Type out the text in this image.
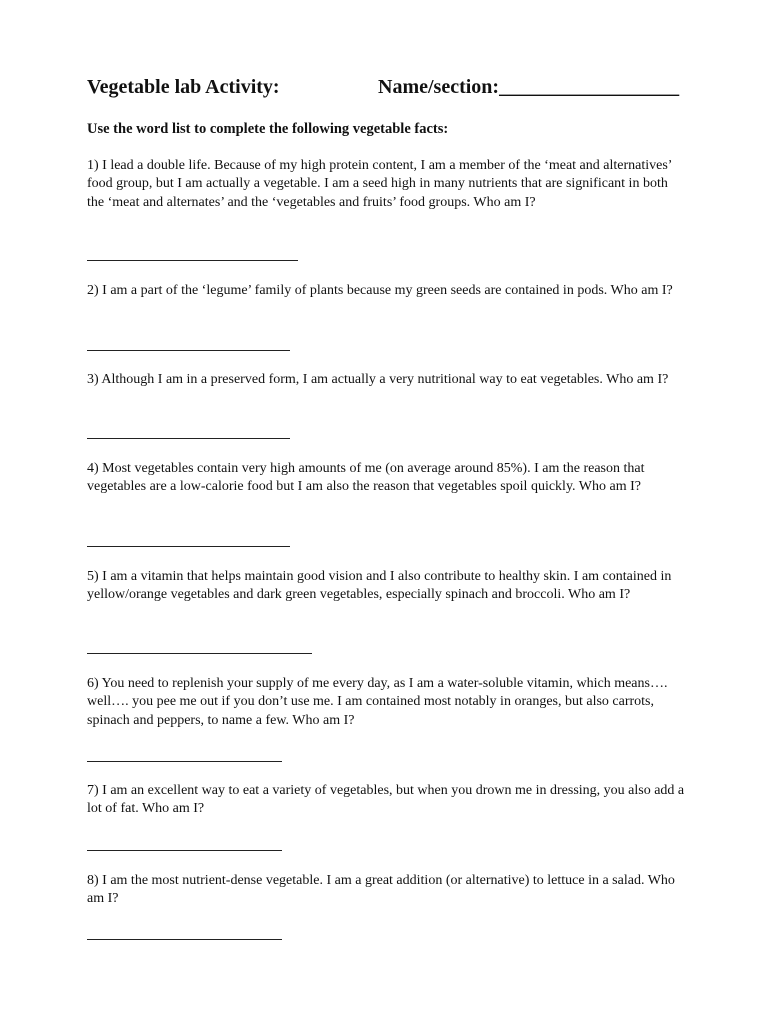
Vegetable lab Activity:	Name/section:__________________
Use the word list to complete the following vegetable facts:
1) I lead a double life. Because of my high protein content, I am a member of the ‘meat and alternatives’ food group, but I am actually a vegetable. I am a seed high in many nutrients that are significant in both the ‘meat and alternates’ and the ‘vegetables and fruits’ food groups. Who am I?
2) I am a part of the ‘legume’ family of plants because my green seeds are contained in pods. Who am I?
3) Although I am in a preserved form, I am actually a very nutritional way to eat vegetables. Who am I?
4) Most vegetables contain very high amounts of me (on average around 85%). I am the reason that vegetables are a low-calorie food but I am also the reason that vegetables spoil quickly. Who am I?
5) I am a vitamin that helps maintain good vision and I also contribute to healthy skin. I am contained in yellow/orange vegetables and dark green vegetables, especially spinach and broccoli. Who am I?
6) You need to replenish your supply of me every day, as I am a water-soluble vitamin, which means…. well…. you pee me out if you don’t use me. I am contained most notably in oranges, but also carrots, spinach and peppers, to name a few. Who am I?
7) I am an excellent way to eat a variety of vegetables, but when you drown me in dressing, you also add a lot of fat. Who am I?
8) I am the most nutrient-dense vegetable. I am a great addition (or alternative) to lettuce in a salad. Who am I?
